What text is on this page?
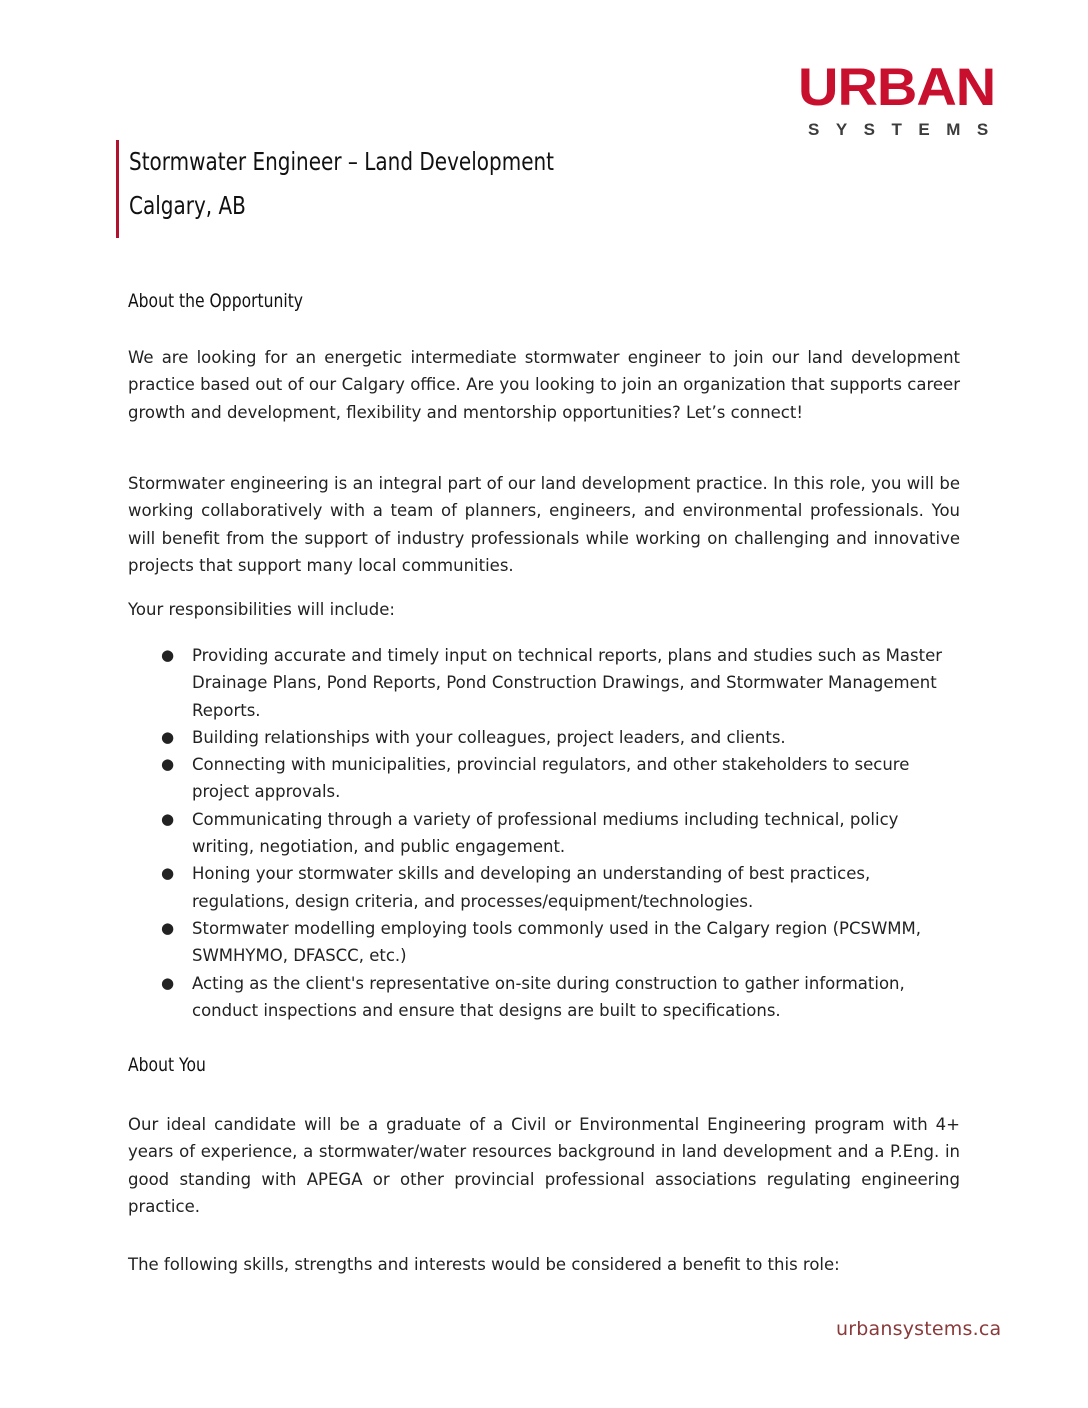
URBAN
SYSTEMS
Stormwater Engineer – Land Development
Calgary, AB
About the Opportunity

We are looking for an energetic intermediate stormwater engineer to join our land development practice based out of our Calgary office. Are you looking to join an organization that supports career growth and development, flexibility and mentorship opportunities? Let’s connect!

Stormwater engineering is an integral part of our land development practice. In this role, you will be working collaboratively with a team of planners, engineers, and environmental professionals. You will benefit from the support of industry professionals while working on challenging and innovative projects that support many local communities.

Your responsibilities will include:

● Providing accurate and timely input on technical reports, plans and studies such as Master Drainage Plans, Pond Reports, Pond Construction Drawings, and Stormwater Management Reports.
● Building relationships with your colleagues, project leaders, and clients.
● Connecting with municipalities, provincial regulators, and other stakeholders to secure project approvals.
● Communicating through a variety of professional mediums including technical, policy writing, negotiation, and public engagement.
● Honing your stormwater skills and developing an understanding of best practices, regulations, design criteria, and processes/equipment/technologies.
● Stormwater modelling employing tools commonly used in the Calgary region (PCSWMM, SWMHYMO, DFASCC, etc.)
● Acting as the client's representative on-site during construction to gather information, conduct inspections and ensure that designs are built to specifications.
About You

Our ideal candidate will be a graduate of a Civil or Environmental Engineering program with 4+ years of experience, a stormwater/water resources background in land development and a P.Eng. in good standing with APEGA or other provincial professional associations regulating engineering practice.

The following skills, strengths and interests would be considered a benefit to this role:

urbansystems.ca
